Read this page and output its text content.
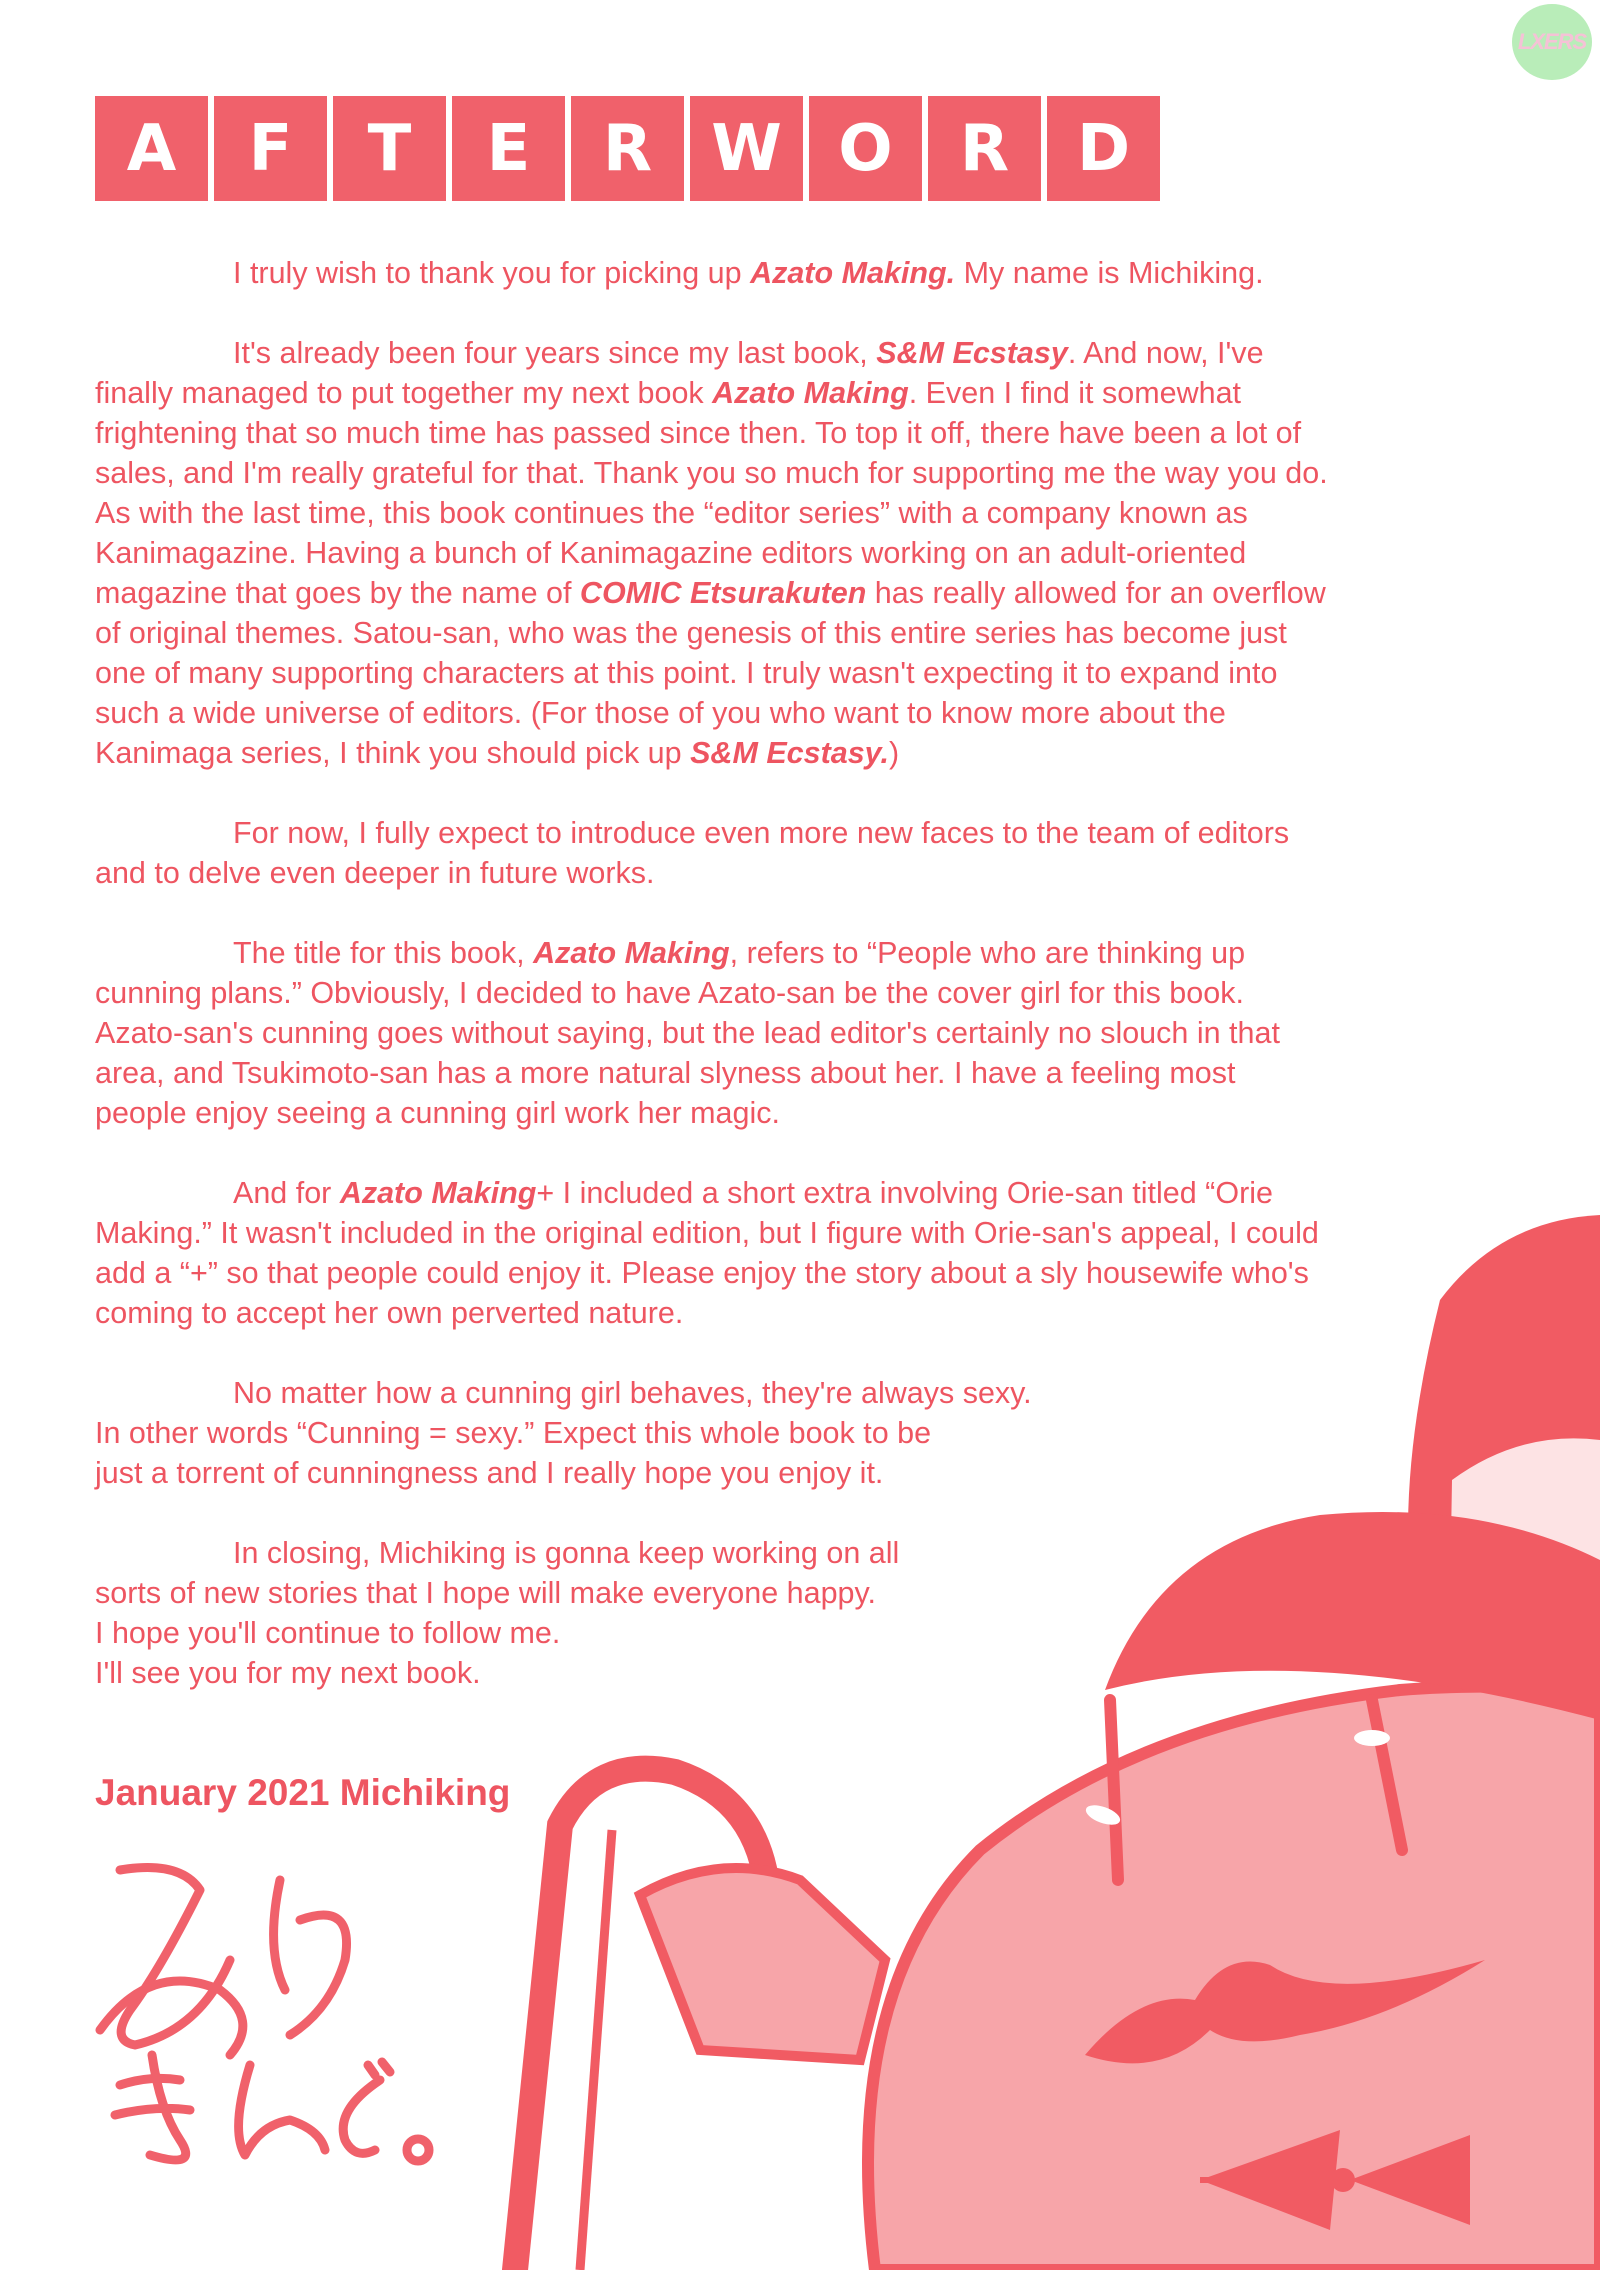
LXERS
A	F	T	E	R W O	R	D

I truly wish to thank you for picking up Azato Making. My name is Michiking.

It's already been four years since my last book, S&M Ecstasy. And now, I've finally managed to put together my next book Azato Making. Even I find it somewhat frightening that so much time has passed since then. To top it off, there have been a lot of sales, and I'm really grateful for that. Thank you so much for supporting me the way you do. As with the last time, this book continues the “editor series” with a company known as Kanimagazine. Having a bunch of Kanimagazine editors working on an adult-oriented magazine that goes by the name of COMIC Etsurakuten has really allowed for an overflow of original themes. Satou-san, who was the genesis of this entire series has become just one of many supporting characters at this point. I truly wasn't expecting it to expand into such a wide universe of editors. (For those of you who want to know more about the Kanimaga series, I think you should pick up S&M Ecstasy.)

For now, I fully expect to introduce even more new faces to the team of editors and to delve even deeper in future works.

The title for this book, Azato Making, refers to “People who are thinking up cunning plans.” Obviously, I decided to have Azato-san be the cover girl for this book. Azato-san's cunning goes without saying, but the lead editor's certainly no slouch in that area, and Tsukimoto-san has a more natural slyness about her. I have a feeling most people enjoy seeing a cunning girl work her magic.

And for Azato Making+ I included a short extra involving Orie-san titled “Orie Making.” It wasn't included in the original edition, but I figure with Orie-san's appeal, I could add a “+” so that people could enjoy it. Please enjoy the story about a sly housewife who's coming to accept her own perverted nature.

No matter how a cunning girl behaves, they're always sexy.
In other words “Cunning = sexy.” Expect this whole book to be
just a torrent of cunningness and I really hope you enjoy it.

In closing, Michiking is gonna keep working on all
sorts of new stories that I hope will make everyone happy.
I hope you'll continue to follow me.
I'll see you for my next book.

January 2021 Michiking
